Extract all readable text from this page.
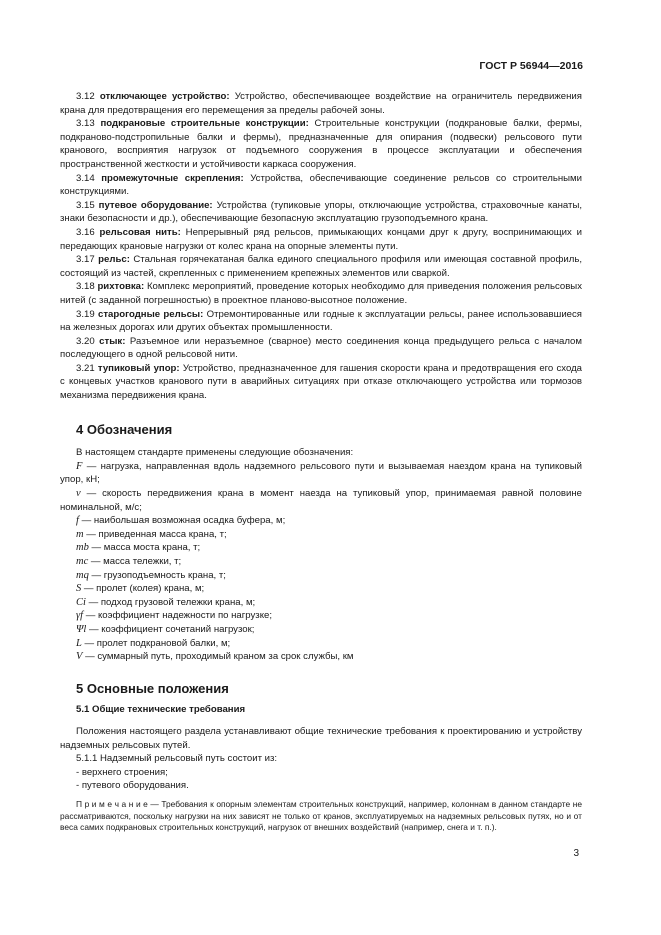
ГОСТ Р 56944—2016

3.12 отключающее устройство: Устройство, обеспечивающее воздействие на ограничитель передвижения крана для предотвращения его перемещения за пределы рабочей зоны.

3.13 подкрановые строительные конструкции: Строительные конструкции (подкрановые балки, фермы, подкраново-подстропильные балки и фермы), предназначенные для опирания (подвески) рельсового пути кранового, восприятия нагрузок от подъемного сооружения в процессе эксплуатации и обеспечения пространственной жесткости и устойчивости каркаса сооружения.

3.14 промежуточные скрепления: Устройства, обеспечивающие соединение рельсов со строительными конструкциями.

3.15 путевое оборудование: Устройства (тупиковые упоры, отключающие устройства, страховочные канаты, знаки безопасности и др.), обеспечивающие безопасную эксплуатацию грузоподъемного крана.

3.16 рельсовая нить: Непрерывный ряд рельсов, примыкающих концами друг к другу, воспринимающих и передающих крановые нагрузки от колес крана на опорные элементы пути.

3.17 рельс: Стальная горячекатаная балка единого специального профиля или имеющая составной профиль, состоящий из частей, скрепленных с применением крепежных элементов или сваркой.

3.18 рихтовка: Комплекс мероприятий, проведение которых необходимо для приведения положения рельсовых нитей (с заданной погрешностью) в проектное планово-высотное положение.

3.19 старогодные рельсы: Отремонтированные или годные к эксплуатации рельсы, ранее использовавшиеся на железных дорогах или других объектах промышленности.

3.20 стык: Разъемное или неразъемное (сварное) место соединения конца предыдущего рельса с началом последующего в одной рельсовой нити.

3.21 тупиковый упор: Устройство, предназначенное для гашения скорости крана и предотвращения его схода с концевых участков кранового пути в аварийных ситуациях при отказе отключающего устройства или тормозов механизма передвижения крана.

4 Обозначения

В настоящем стандарте применены следующие обозначения:

F — нагрузка, направленная вдоль надземного рельсового пути и вызываемая наездом крана на тупиковый упор, кН;

v — скорость передвижения крана в момент наезда на тупиковый упор, принимаемая равной половине номинальной, м/с;

f — наибольшая возможная осадка буфера, м;

m — приведенная масса крана, т;

mb — масса моста крана, т;

mc — масса тележки, т;

mq — грузоподъемность крана, т;

S — пролет (колея) крана, м;

Ci — подход грузовой тележки крана, м;

γf — коэффициент надежности по нагрузке;

Ψl — коэффициент сочетаний нагрузок;

L — пролет подкрановой балки, м;

V — суммарный путь, проходимый краном за срок службы, км

5 Основные положения
5.1 Общие технические требования

Положения настоящего раздела устанавливают общие технические требования к проектированию и устройству надземных рельсовых путей.

5.1.1 Надземный рельсовый путь состоит из:

- верхнего строения;

- путевого оборудования.

П р и м е ч а н и е — Требования к опорным элементам строительных конструкций, например, колоннам в данном стандарте не рассматриваются, поскольку нагрузки на них зависят не только от кранов, эксплуатируемых на надземных рельсовых путях, но и от веса самих подкрановых строительных конструкций, нагрузок от внешних воздействий (например, снега и т. п.).

3
